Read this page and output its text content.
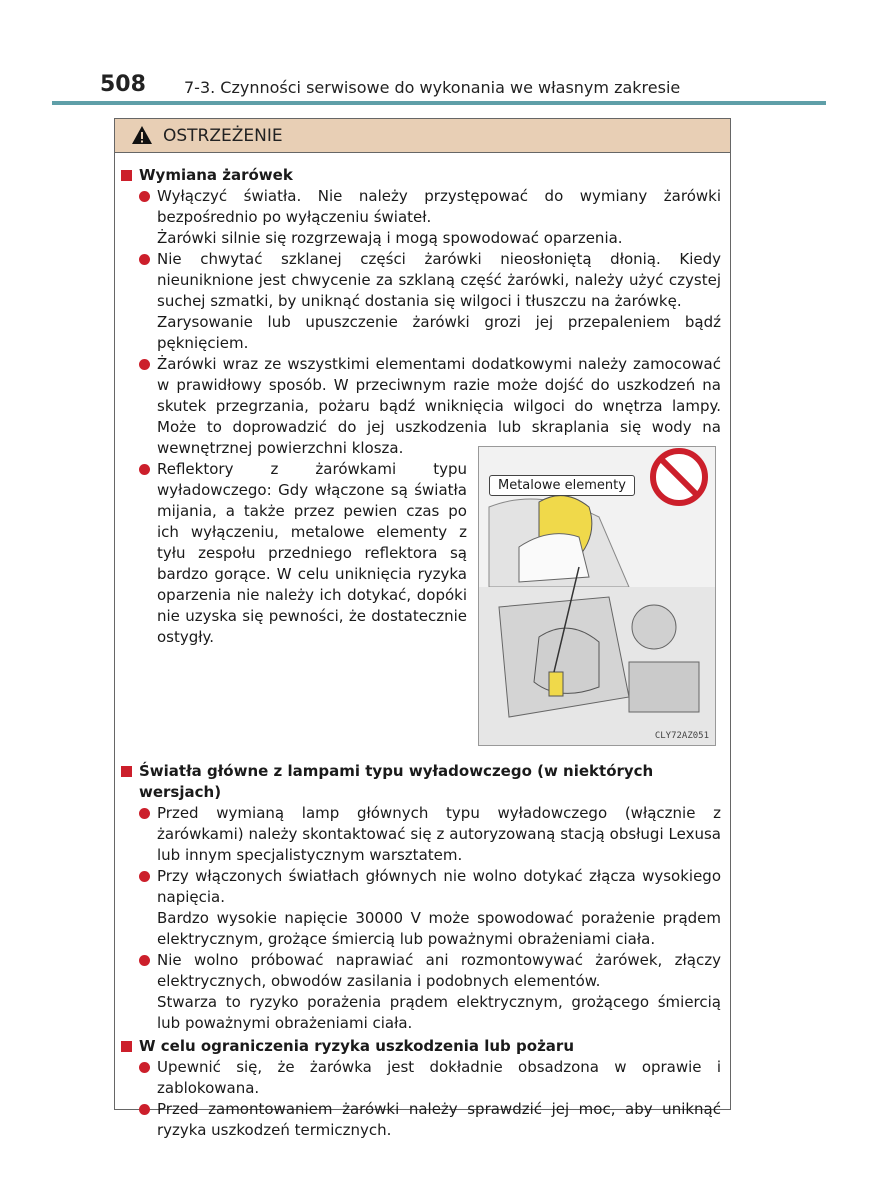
508 7-3. Czynności serwisowe do wykonania we własnym zakresie
OSTRZEŻENIE
Wymiana żarówek
Wyłączyć światła. Nie należy przystępować do wymiany żarówki bezpośrednio po wyłączeniu świateł.
Żarówki silnie się rozgrzewają i mogą spowodować oparzenia.
Nie chwytać szklanej części żarówki nieosłoniętą dłonią. Kiedy nieuniknione jest chwycenie za szklaną część żarówki, należy użyć czystej suchej szmatki, by uniknąć dostania się wilgoci i tłuszczu na żarówkę.
Zarysowanie lub upuszczenie żarówki grozi jej przepaleniem bądź pęknięciem.
Żarówki wraz ze wszystkimi elementami dodatkowymi należy zamocować w prawidłowy sposób. W przeciwnym razie może dojść do uszkodzeń na skutek przegrzania, pożaru bądź wniknięcia wilgoci do wnętrza lampy. Może to doprowadzić do jej uszkodzenia lub skraplania się wody na wewnętrznej powierzchni klosza.
Reflektory z żarówkami typu wyładowczego: Gdy włączone są światła mijania, a także przez pewien czas po ich wyłączeniu, metalowe elementy z tyłu zespołu przedniego reflektora są bardzo gorące. W celu uniknięcia ryzyka oparzenia nie należy ich dotykać, dopóki nie uzyska się pewności, że dostatecznie ostygły.
Światła główne z lampami typu wyładowczego (w niektórych wersjach)
Przed wymianą lamp głównych typu wyładowczego (włącznie z żarówkami) należy skontaktować się z autoryzowaną stacją obsługi Lexusa lub innym specjalistycznym warsztatem.
Przy włączonych światłach głównych nie wolno dotykać złącza wysokiego napięcia.
Bardzo wysokie napięcie 30000 V może spowodować porażenie prądem elektrycznym, grożące śmiercią lub poważnymi obrażeniami ciała.
Nie wolno próbować naprawiać ani rozmontowywać żarówek, złączy elektrycznych, obwodów zasilania i podobnych elementów.
Stwarza to ryzyko porażenia prądem elektrycznym, grożącego śmiercią lub poważnymi obrażeniami ciała.
W celu ograniczenia ryzyka uszkodzenia lub pożaru
Upewnić się, że żarówka jest dokładnie obsadzona w oprawie i zablokowana.
Przed zamontowaniem żarówki należy sprawdzić jej moc, aby uniknąć ryzyka uszkodzeń termicznych.
Metalowe elementy
CLY72AZ051
